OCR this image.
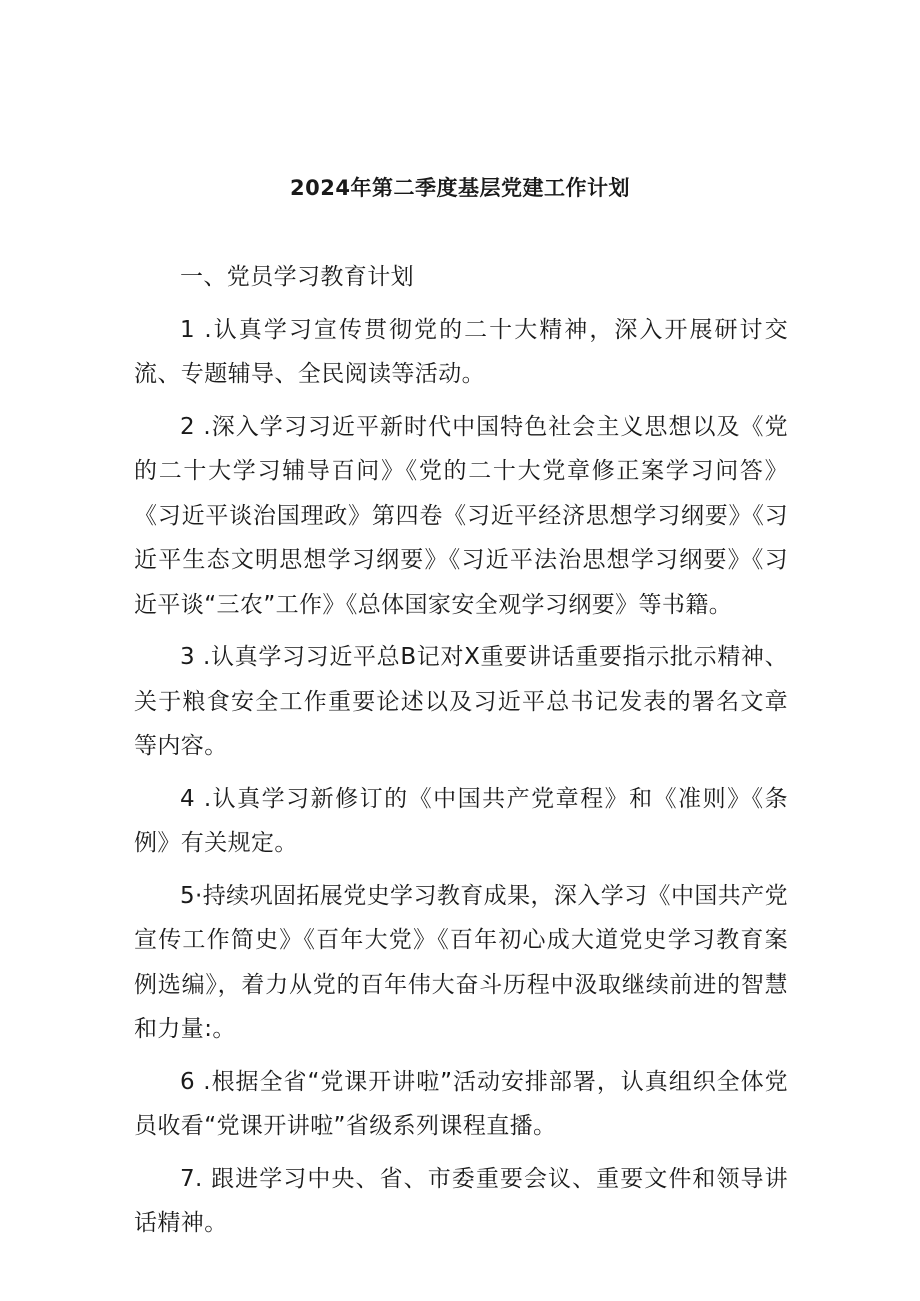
2024年第二季度基层党建工作计划

一、党员学习教育计划

1 .认真学习宣传贯彻党的二十大精神，深入开展研讨交流、专题辅导、全民阅读等活动。

2 .深入学习习近平新时代中国特色社会主义思想以及《党的二十大学习辅导百问》《党的二十大党章修正案学习问答》《习近平谈治国理政》第四卷《习近平经济思想学习纲要》《习近平生态文明思想学习纲要》《习近平法治思想学习纲要》《习近平谈“三农”工作》《总体国家安全观学习纲要》等书籍。

3 .认真学习习近平总B记对X重要讲话重要指示批示精神、关于粮食安全工作重要论述以及习近平总书记发表的署名文章等内容。

4 .认真学习新修订的《中国共产党章程》和《准则》《条例》有关规定。

5·持续巩固拓展党史学习教育成果，深入学习《中国共产党宣传工作简史》《百年大党》《百年初心成大道党史学习教育案例选编》，着力从党的百年伟大奋斗历程中汲取继续前进的智慧和力量:。

6 .根据全省“党课开讲啦”活动安排部署，认真组织全体党员收看“党课开讲啦”省级系列课程直播。

7. 跟进学习中央、省、市委重要会议、重要文件和领导讲话精神。
